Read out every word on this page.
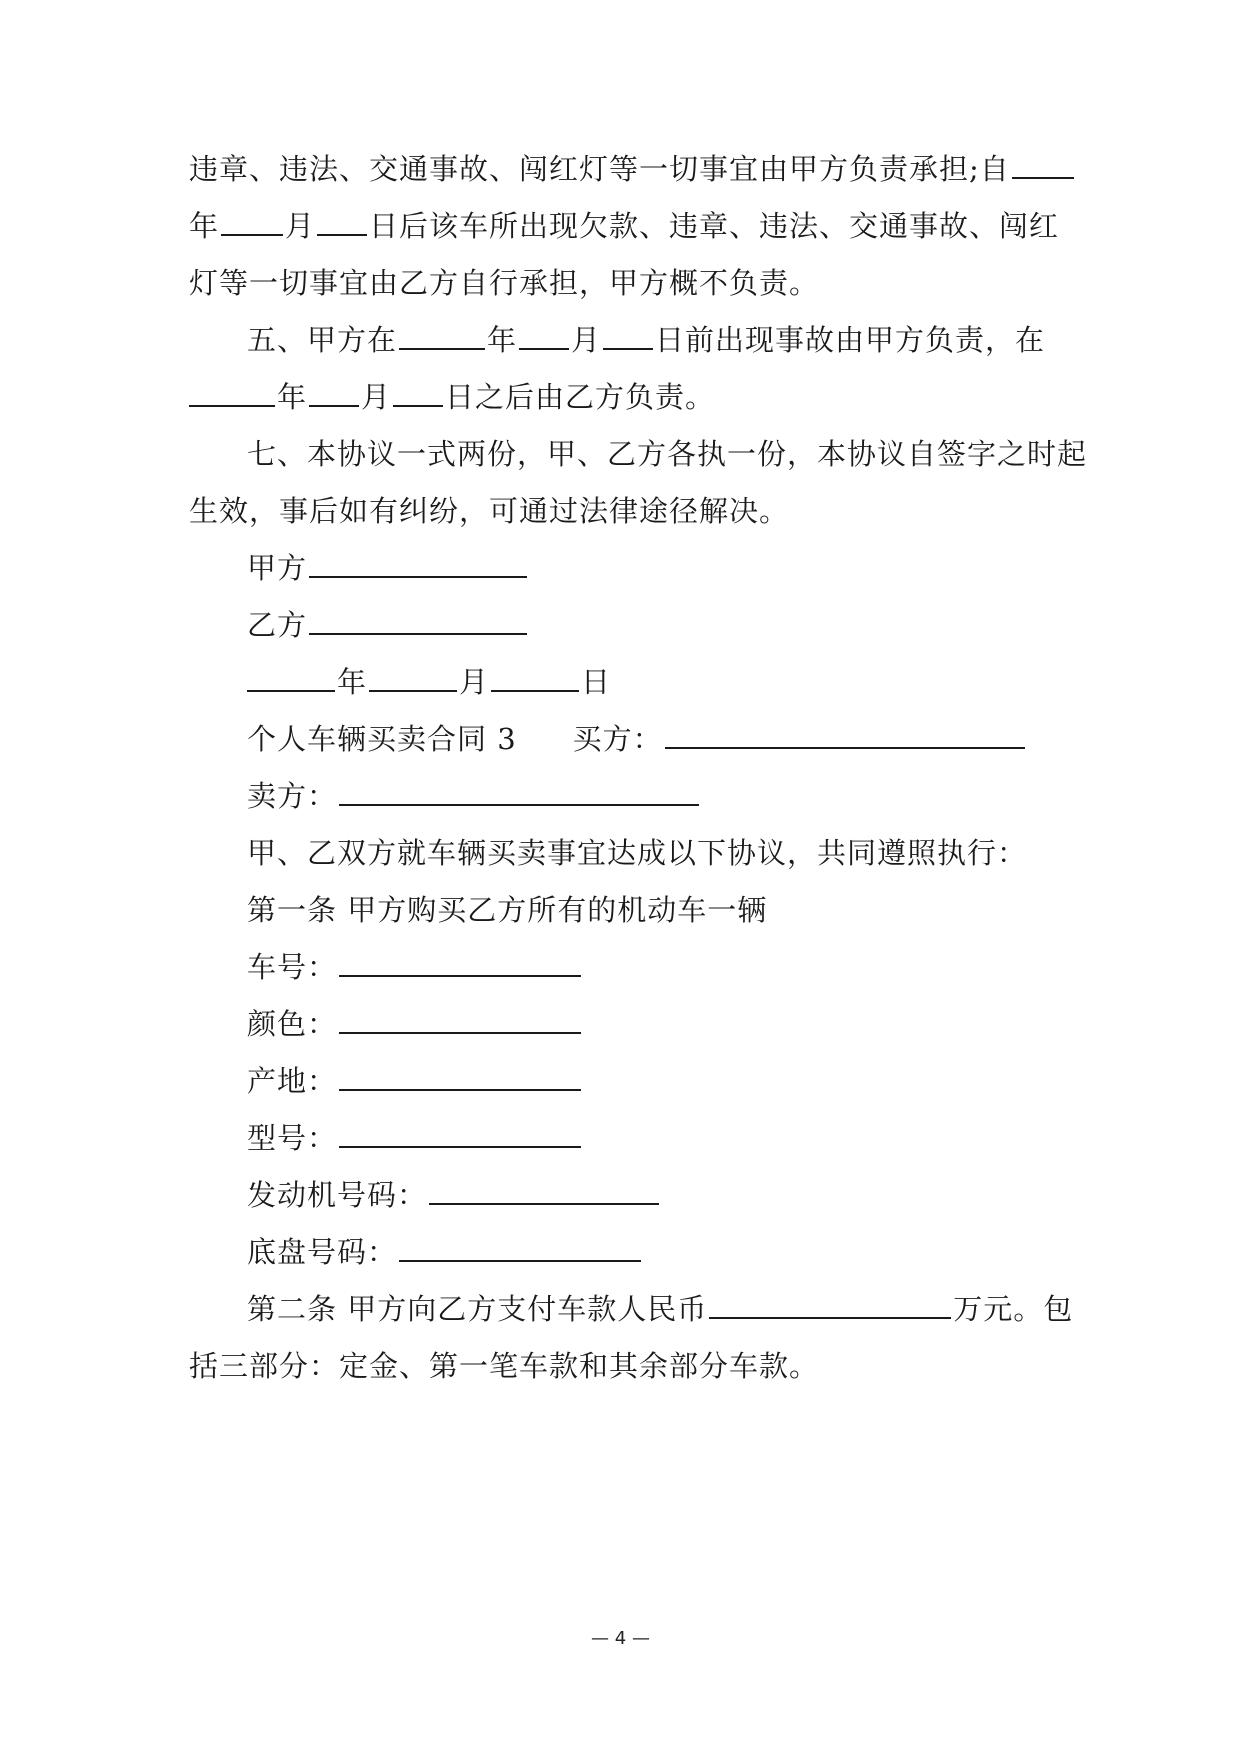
违章、违法、交通事故、闯红灯等一切事宜由甲方负责承担;自
年 月 日后该车所出现欠款、违章、违法、交通事故、闯红
灯等一切事宜由乙方自行承担，甲方概不负责。
五、甲方在	年 月 日前出现事故由甲方负责，在
年 月 日之后由乙方负责。
七、本协议一式两份，甲、乙方各执一份，本协议自签字之时起
生效，事后如有纠纷，可通过法律途径解决。
甲方
乙方
年	月	日
个人车辆买卖合同 3 买方：
卖方：
甲、乙双方就车辆买卖事宜达成以下协议，共同遵照执行：
第一条 甲方购买乙方所有的机动车一辆
车号：
颜色：
产地：
型号：
发动机号码：
底盘号码：
第二条 甲方向乙方支付车款人民币	万元。包
括三部分：定金、第一笔车款和其余部分车款。
— 4 —
